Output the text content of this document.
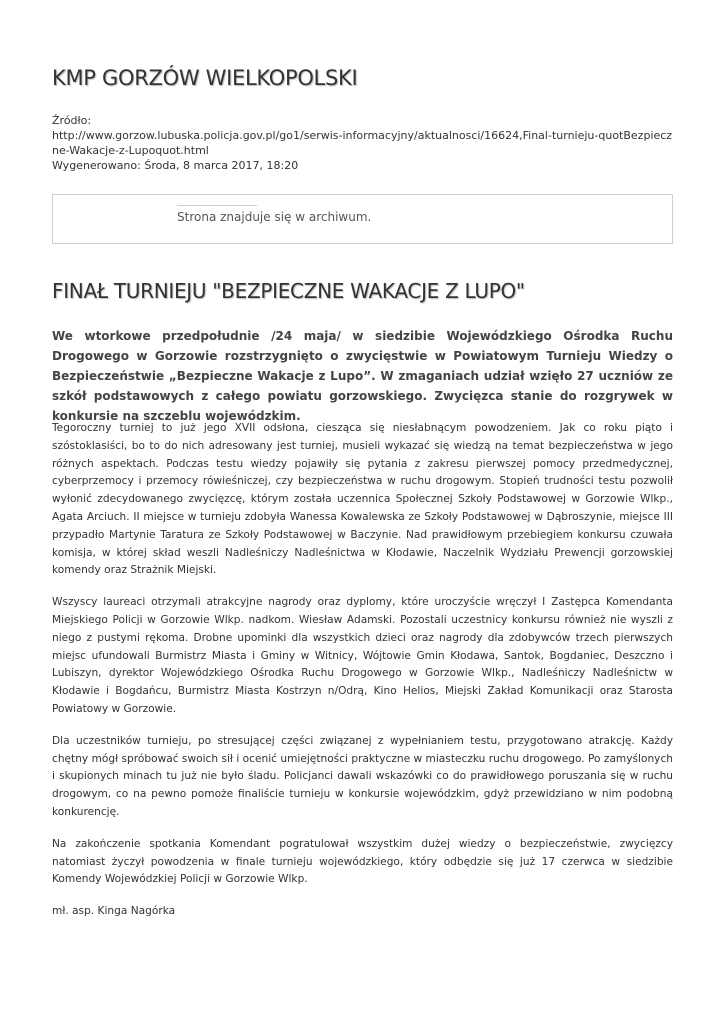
KMP GORZÓW WIELKOPOLSKI
Źródło:
http://www.gorzow.lubuska.policja.gov.pl/go1/serwis-informacyjny/aktualnosci/16624,Final-turnieju-quotBezpieczne-Wakacje-z-Lupoquot.html
Wygenerowano: Środa, 8 marca 2017, 18:20
Strona znajduje się w archiwum.
FINAŁ TURNIEJU "BEZPIECZNE WAKACJE Z LUPO"

We wtorkowe przedpołudnie /24 maja/ w siedzibie Wojewódzkiego Ośrodka Ruchu Drogowego w Gorzowie rozstrzygnięto o zwycięstwie w Powiatowym Turnieju Wiedzy o Bezpieczeństwie „Bezpieczne Wakacje z Lupo”. W zmaganiach udział wzięło 27 uczniów ze szkół podstawowych z całego powiatu gorzowskiego. Zwycięzca stanie do rozgrywek w konkursie na szczeblu wojewódzkim.

Tegoroczny turniej to już jego XVII odsłona, ciesząca się niesłabnącym powodzeniem. Jak co roku piąto i szóstoklasiści, bo to do nich adresowany jest turniej, musieli wykazać się wiedzą na temat bezpieczeństwa w jego różnych aspektach. Podczas testu wiedzy pojawiły się pytania z zakresu pierwszej pomocy przedmedycznej, cyberprzemocy i przemocy rówieśniczej, czy bezpieczeństwa w ruchu drogowym. Stopień trudności testu pozwolił wyłonić zdecydowanego zwycięzcę, którym została uczennica Społecznej Szkoły Podstawowej w Gorzowie Wlkp., Agata Arciuch. II miejsce w turnieju zdobyła Wanessa Kowalewska ze Szkoły Podstawowej w Dąbroszynie, miejsce III przypadło Martynie Taratura ze Szkoły Podstawowej w Baczynie. Nad prawidłowym przebiegiem konkursu czuwała komisja, w której skład weszli Nadleśniczy Nadleśnictwa w Kłodawie, Naczelnik Wydziału Prewencji gorzowskiej komendy oraz Strażnik Miejski.

Wszyscy laureaci otrzymali atrakcyjne nagrody oraz dyplomy, które uroczyście wręczył I Zastępca Komendanta Miejskiego Policji w Gorzowie Wlkp. nadkom. Wiesław Adamski. Pozostali uczestnicy konkursu również nie wyszli z niego z pustymi rękoma. Drobne upominki dla wszystkich dzieci oraz nagrody dla zdobywców trzech pierwszych miejsc ufundowali Burmistrz Miasta i Gminy w Witnicy, Wójtowie Gmin Kłodawa, Santok, Bogdaniec, Deszczno i Lubiszyn, dyrektor Wojewódzkiego Ośrodka Ruchu Drogowego w Gorzowie Wlkp., Nadleśniczy Nadleśnictw w Kłodawie i Bogdańcu, Burmistrz Miasta Kostrzyn n/Odrą, Kino Helios, Miejski Zakład Komunikacji oraz Starosta Powiatowy w Gorzowie.

Dla uczestników turnieju, po stresującej części związanej z wypełnianiem testu, przygotowano atrakcję. Każdy chętny mógł spróbować swoich sił i ocenić umiejętności praktyczne w miasteczku ruchu drogowego. Po zamyślonych i skupionych minach tu już nie było śladu. Policjanci dawali wskazówki co do prawidłowego poruszania się w ruchu drogowym, co na pewno pomoże finaliście turnieju w konkursie wojewódzkim, gdyż przewidziano w nim podobną konkurencję.

Na zakończenie spotkania Komendant pogratulował wszystkim dużej wiedzy o bezpieczeństwie, zwycięzcy natomiast życzył powodzenia w finale turnieju wojewódzkiego, który odbędzie się już 17 czerwca w siedzibie Komendy Wojewódzkiej Policji w Gorzowie Wlkp.

mł. asp. Kinga Nagórka
